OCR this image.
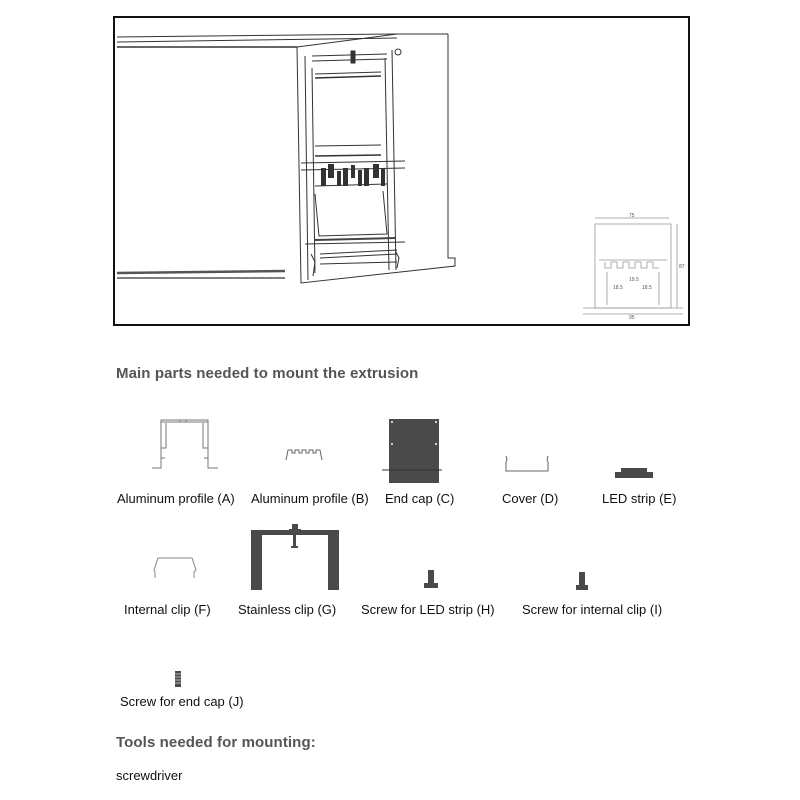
75
87
19.5
18.5	18.5
95
Main parts needed to mount the extrusion
Aluminum profile (A) Aluminum profile (B) End cap (C)	Cover (D)	LED strip (E)
Internal clip (F) Stainless clip (G) Screw for LED strip (H) Screw for internal clip (I)
Screw for end cap (J)
Tools needed for mounting:
screwdriver
